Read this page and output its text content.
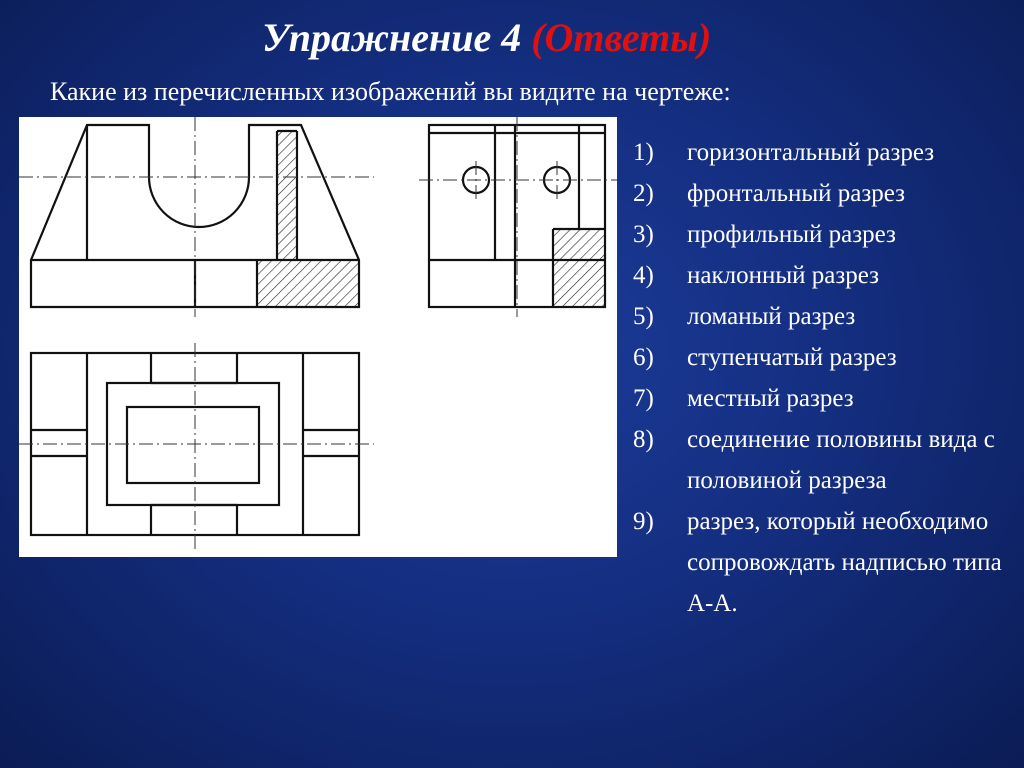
Упражнение 4 (Ответы)
Какие из перечисленных изображений вы видите на чертеже:
1)	горизонтальный разрез
2)	фронтальный разрез
3)	профильный разрез
4)	наклонный разрез
5)	ломаный разрез
6)	ступенчатый разрез
7)	местный разрез
8)	соединение половины вида с половиной разреза
9)	разрез, который необходимо сопровождать надписью типа А-А.
